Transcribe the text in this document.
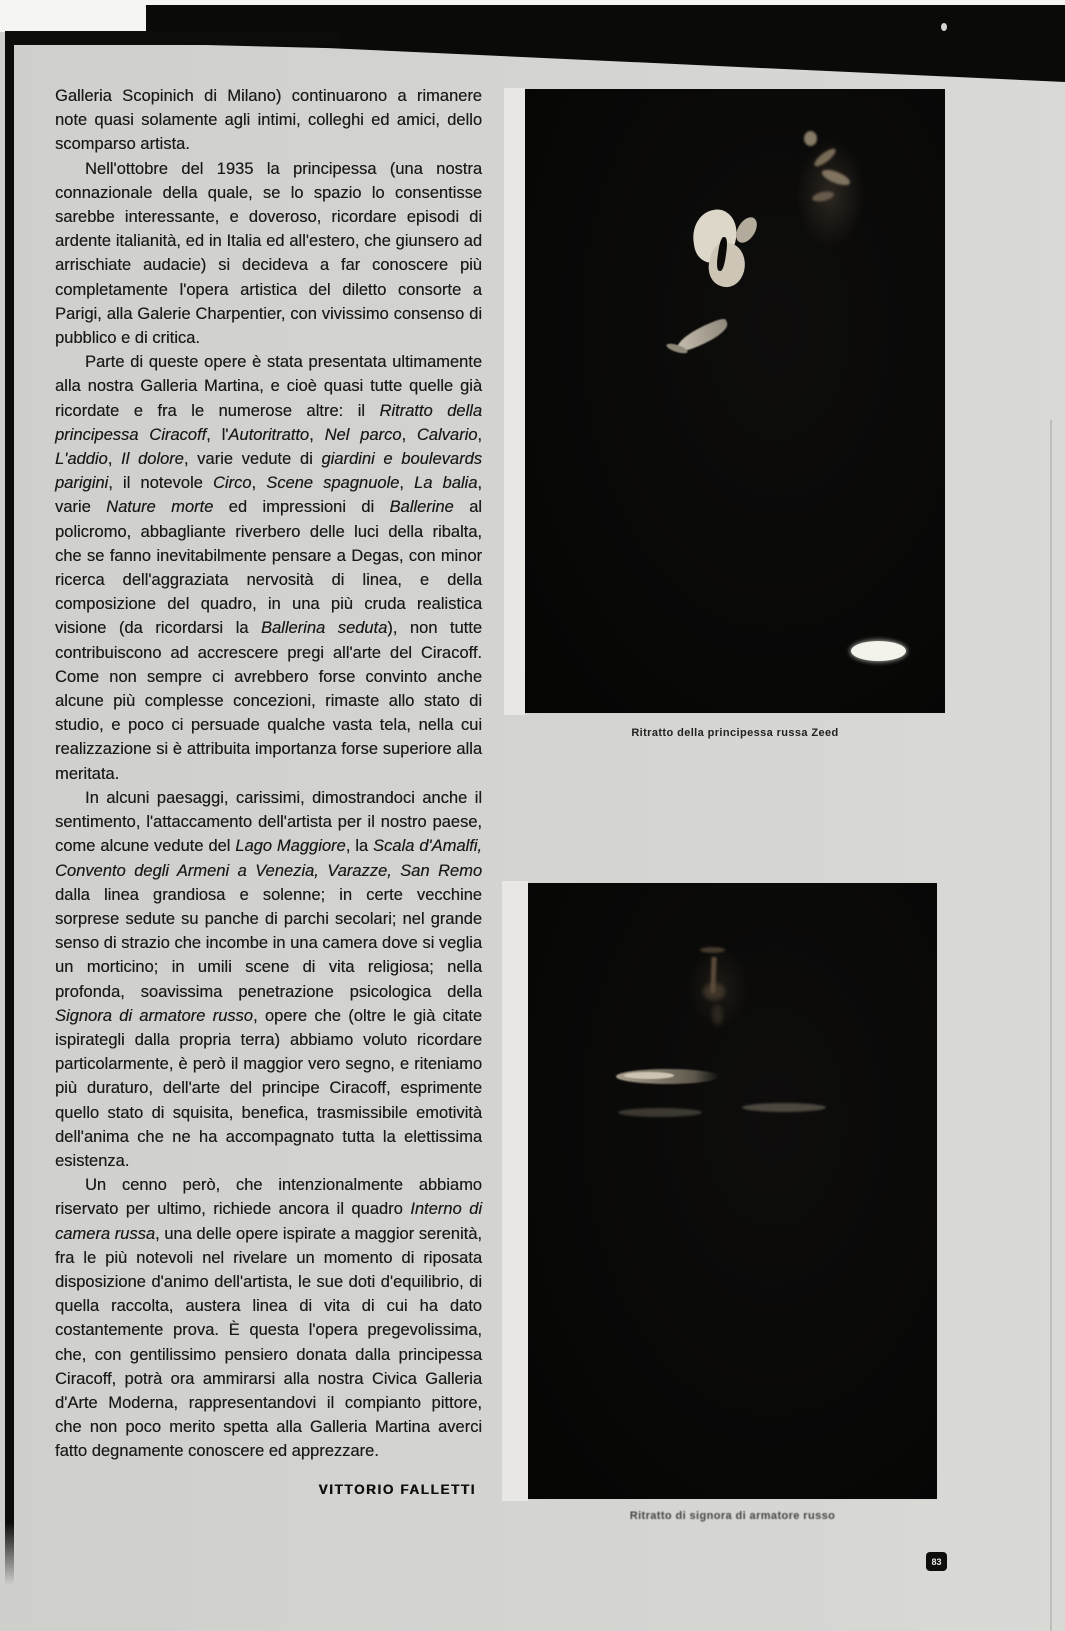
Galleria Scopinich di Milano) continuarono a rimanere note quasi solamente agli intimi, colleghi ed amici, dello scomparso artista.

Nell'ottobre del 1935 la principessa (una nostra connazionale della quale, se lo spazio lo consentisse sarebbe interessante, e doveroso, ricordare episodi di ardente italianità, ed in Italia ed all'estero, che giunsero ad arrischiate audacie) si decideva a far conoscere più completamente l'opera artistica del diletto consorte a Parigi, alla Galerie Charpentier, con vivissimo consenso di pubblico e di critica.

Parte di queste opere è stata presentata ultimamente alla nostra Galleria Martina, e cioè quasi tutte quelle già ricordate e fra le numerose altre: il Ritratto della principessa Ciracoff, l'Autoritratto, Nel parco, Calvario, L'addio, Il dolore, varie vedute di giardini e boulevards parigini, il notevole Circo, Scene spagnuole, La balia, varie Nature morte ed impressioni di Ballerine al policromo, abbagliante riverbero delle luci della ribalta, che se fanno inevitabilmente pensare a Degas, con minor ricerca dell'aggraziata nervosità di linea, e della composizione del quadro, in una più cruda realistica visione (da ricordarsi la Ballerina seduta), non tutte contribuiscono ad accrescere pregi all'arte del Ciracoff. Come non sempre ci avrebbero forse convinto anche alcune più complesse concezioni, rimaste allo stato di studio, e poco ci persuade qualche vasta tela, nella cui realizzazione si è attribuita importanza forse superiore alla meritata.

In alcuni paesaggi, carissimi, dimostrandoci anche il sentimento, l'attaccamento dell'artista per il nostro paese, come alcune vedute del Lago Maggiore, la Scala d'Amalfi, Convento degli Armeni a Venezia, Varazze, San Remo dalla linea grandiosa e solenne; in certe vecchine sorprese sedute su panche di parchi secolari; nel grande senso di strazio che incombe in una camera dove si veglia un morticino; in umili scene di vita religiosa; nella profonda, soavissima penetrazione psicologica della Signora di armatore russo, opere che (oltre le già citate ispirategli dalla propria terra) abbiamo voluto ricordare particolarmente, è però il maggior vero segno, e riteniamo più duraturo, dell'arte del principe Ciracoff, esprimente quello stato di squisita, benefica, trasmissibile emotività dell'anima che ne ha accompagnato tutta la elettissima esistenza.

Un cenno però, che intenzionalmente abbiamo riservato per ultimo, richiede ancora il quadro Interno di camera russa, una delle opere ispirate a maggior serenità, fra le più notevoli nel rivelare un momento di riposata disposizione d'animo dell'artista, le sue doti d'equilibrio, di quella raccolta, austera linea di vita di cui ha dato costantemente prova. È questa l'opera pregevolissima, che, con gentilissimo pensiero donata dalla principessa Ciracoff, potrà ora ammirarsi alla nostra Civica Galleria d'Arte Moderna, rappresentandovi il compianto pittore, che non poco merito spetta alla Galleria Martina averci fatto degnamente conoscere ed apprezzare.

VITTORIO FALLETTI
Ritratto della principessa russa Zeed
Ritratto di signora di armatore russo
83
